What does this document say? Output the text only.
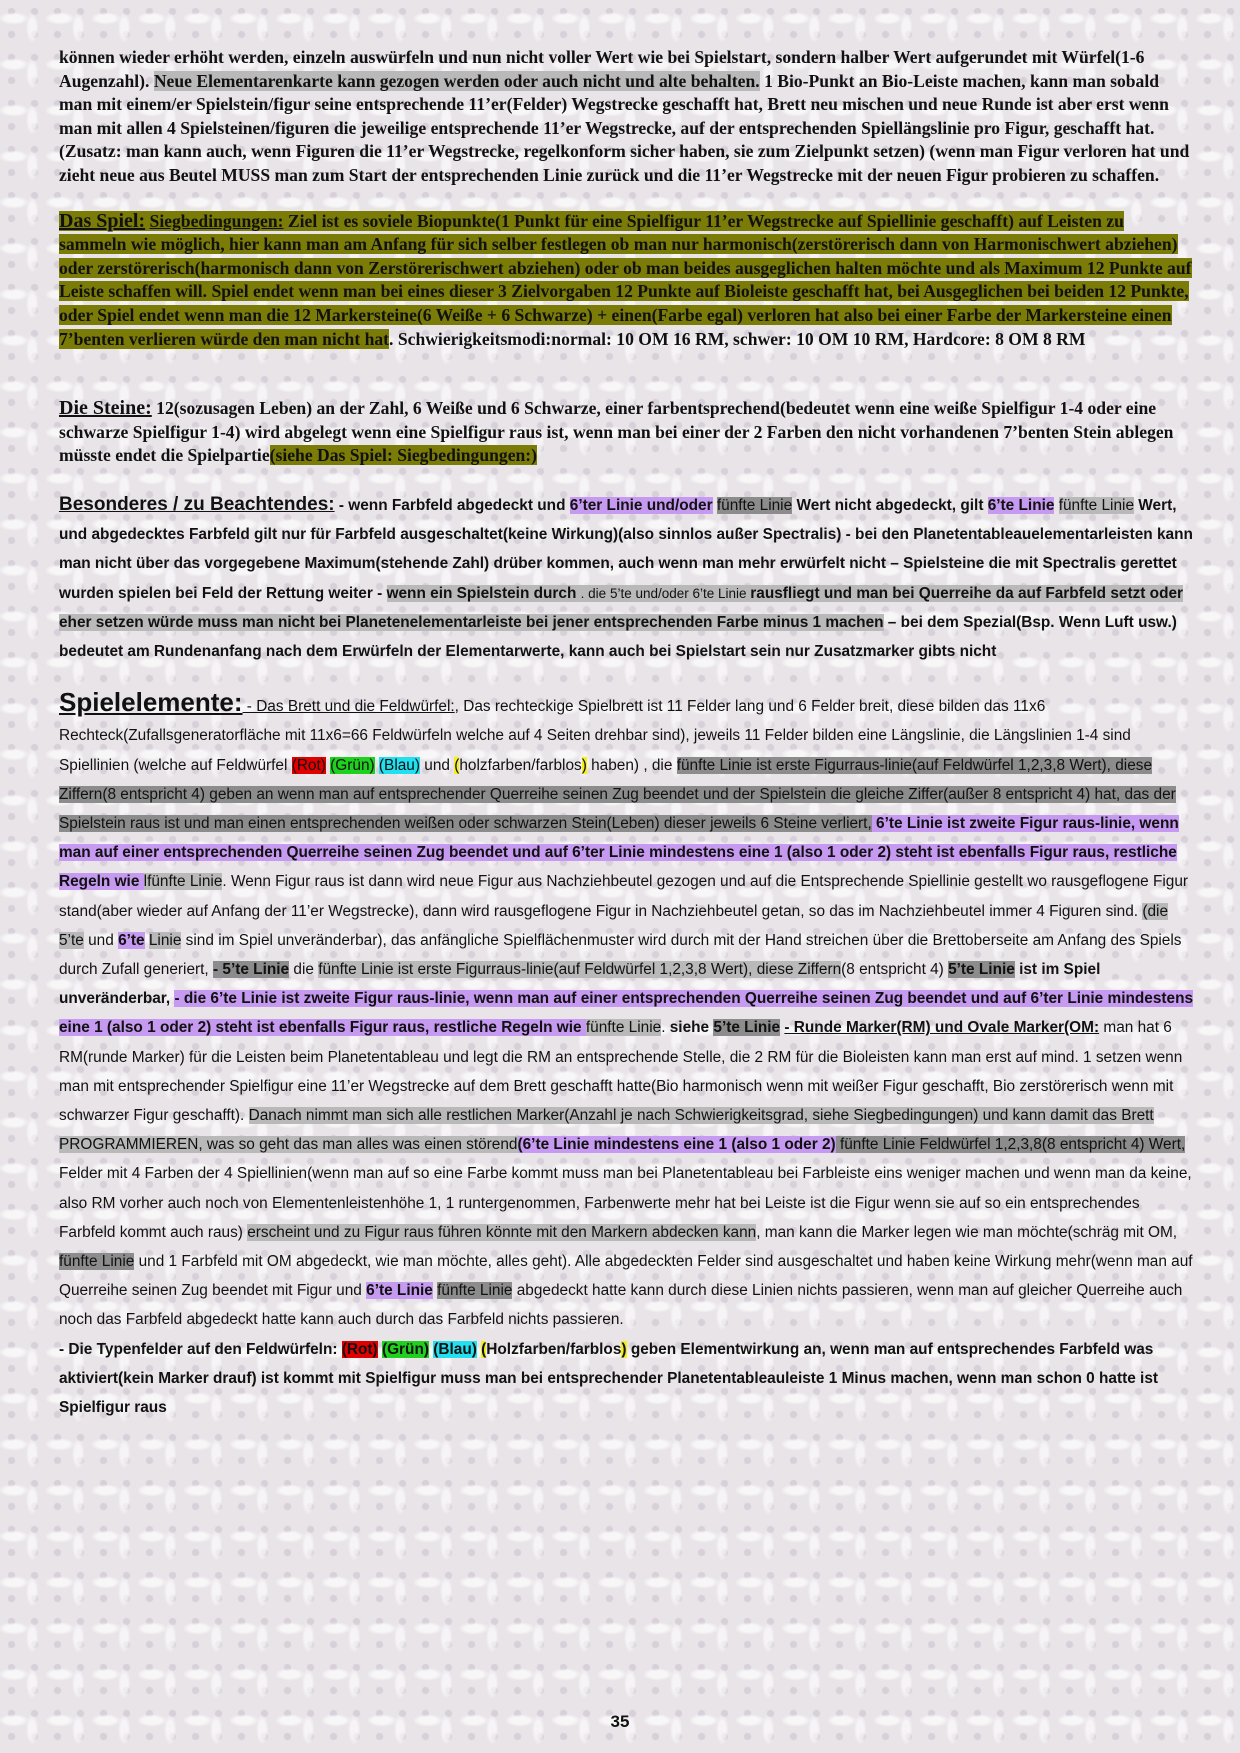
können wieder erhöht werden, einzeln auswürfeln und nun nicht voller Wert wie bei Spielstart, sondern halber Wert aufgerundet mit Würfel(1-6 Augenzahl). Neue Elementarenkarte kann gezogen werden oder auch nicht und alte behalten. 1 Bio-Punkt an Bio-Leiste machen, kann man sobald man mit einem/er Spielstein/figur seine entsprechende 11’er(Felder) Wegstrecke geschafft hat, Brett neu mischen und neue Runde ist aber erst wenn man mit allen 4 Spielsteinen/figuren die jeweilige entsprechende 11’er Wegstrecke, auf der entsprechenden Spiellängslinie pro Figur, geschafft hat.(Zusatz: man kann auch, wenn Figuren die 11’er Wegstrecke, regelkonform sicher haben, sie zum Zielpunkt setzen) (wenn man Figur verloren hat und zieht neue aus Beutel MUSS man zum Start der entsprechenden Linie zurück und die 11’er Wegstrecke mit der neuen Figur probieren zu schaffen.

Das Spiel: Siegbedingungen: Ziel ist es soviele Biopunkte(1 Punkt für eine Spielfigur 11’er Wegstrecke auf Spiellinie geschafft) auf Leisten zu sammeln wie möglich, hier kann man am Anfang für sich selber festlegen ob man nur harmonisch(zerstörerisch dann von Harmonischwert abziehen) oder zerstörerisch(harmonisch dann von Zerstörerischwert abziehen) oder ob man beides ausgeglichen halten möchte und als Maximum 12 Punkte auf Leiste schaffen will. Spiel endet wenn man bei eines dieser 3 Zielvorgaben 12 Punkte auf Bioleiste geschafft hat, bei Ausgeglichen bei beiden 12 Punkte, oder Spiel endet wenn man die 12 Markersteine(6 Weiße + 6 Schwarze) + einen(Farbe egal) verloren hat also bei einer Farbe der Markersteine einen 7’benten verlieren würde den man nicht hat. Schwierigkeitsmodi:normal: 10 OM 16 RM, schwer: 10 OM 10 RM, Hardcore: 8 OM 8 RM

Die Steine: 12(sozusagen Leben) an der Zahl, 6 Weiße und 6 Schwarze, einer farbentsprechend(bedeutet wenn eine weiße Spielfigur 1-4 oder eine schwarze Spielfigur 1-4) wird abgelegt wenn eine Spielfigur raus ist, wenn man bei einer der 2 Farben den nicht vorhandenen 7’benten Stein ablegen müsste endet die Spielpartie(siehe Das Spiel: Siegbedingungen:)

Besonderes / zu Beachtendes: - wenn Farbfeld abgedeckt und 6’ter Linie und/oder fünfte Linie Wert nicht abgedeckt, gilt 6’te Linie fünfte Linie Wert, und abgedecktes Farbfeld gilt nur für Farbfeld ausgeschaltet(keine Wirkung)(also sinnlos außer Spectralis) - bei den Planetentableauelementarleisten kann man nicht über das vorgegebene Maximum(stehende Zahl) drüber kommen, auch wenn man mehr erwürfelt nicht – Spielsteine die mit Spectralis gerettet wurden spielen bei Feld der Rettung weiter - wenn ein Spielstein durch . die 5’te und/oder 6’te Linie rausfliegt und man bei Querreihe da auf Farbfeld setzt oder eher setzen würde muss man nicht bei Planetenelementarleiste bei jener entsprechenden Farbe minus 1 machen – bei dem Spezial(Bsp. Wenn Luft usw.) bedeutet am Rundenanfang nach dem Erwürfeln der Elementarwerte, kann auch bei Spielstart sein nur Zusatzmarker gibts nicht

Spielelemente: - Das Brett und die Feldwürfel:, Das rechteckige Spielbrett ist 11 Felder lang und 6 Felder breit, diese bilden das 11x6 Rechteck(Zufallsgeneratorfläche mit 11x6=66 Feldwürfeln welche auf 4 Seiten drehbar sind), jeweils 11 Felder bilden eine Längslinie, die Längslinien 1-4 sind Spiellinien (welche auf Feldwürfel (Rot) (Grün) (Blau) und (holzfarben/farblos) haben) , die fünfte Linie ist erste Figurraus-linie(auf Feldwürfel 1,2,3,8 Wert), diese Ziffern(8 entspricht 4) geben an wenn man auf entsprechender Querreihe seinen Zug beendet und der Spielstein die gleiche Ziffer(außer 8 entspricht 4) hat, das der Spielstein raus ist und man einen entsprechenden weißen oder schwarzen Stein(Leben) dieser jeweils 6 Steine verliert, 6’te Linie ist zweite Figur raus-linie, wenn man auf einer entsprechenden Querreihe seinen Zug beendet und auf 6’ter Linie mindestens eine 1 (also 1 oder 2) steht ist ebenfalls Figur raus, restliche Regeln wie lfünfte Linie. Wenn Figur raus ist dann wird neue Figur aus Nachziehbeutel gezogen und auf die Entsprechende Spiellinie gestellt wo rausgeflogene Figur stand(aber wieder auf Anfang der 11’er Wegstrecke), dann wird rausgeflogene Figur in Nachziehbeutel getan, so das im Nachziehbeutel immer 4 Figuren sind. (die 5’te und 6’te Linie sind im Spiel unveränderbar), das anfängliche Spielflächenmuster wird durch mit der Hand streichen über die Brettoberseite am Anfang des Spiels durch Zufall generiert, - 5’te Linie die fünfte Linie ist erste Figurraus-linie(auf Feldwürfel 1,2,3,8 Wert), diese Ziffern(8 entspricht 4) 5’te Linie ist im Spiel unveränderbar, - die 6’te Linie ist zweite Figur raus-linie, wenn man auf einer entsprechenden Querreihe seinen Zug beendet und auf 6’ter Linie mindestens eine 1 (also 1 oder 2) steht ist ebenfalls Figur raus, restliche Regeln wie fünfte Linie. siehe 5’te Linie - Runde Marker(RM) und Ovale Marker(OM: man hat 6 RM(runde Marker) für die Leisten beim Planetentableau und legt die RM an entsprechende Stelle, die 2 RM für die Bioleisten kann man erst auf mind. 1 setzen wenn man mit entsprechender Spielfigur eine 11’er Wegstrecke auf dem Brett geschafft hatte(Bio harmonisch wenn mit weißer Figur geschafft, Bio zerstörerisch wenn mit schwarzer Figur geschafft). Danach nimmt man sich alle restlichen Marker(Anzahl je nach Schwierigkeitsgrad, siehe Siegbedingungen) und kann damit das Brett PROGRAMMIEREN, was so geht das man alles was einen störend(6’te Linie mindestens eine 1 (also 1 oder 2) fünfte Linie Feldwürfel 1,2,3,8(8 entspricht 4) Wert, Felder mit 4 Farben der 4 Spiellinien(wenn man auf so eine Farbe kommt muss man bei Planetentableau bei Farbleiste eins weniger machen und wenn man da keine, also RM vorher auch noch von Elementenleistenhöhe 1, 1 runtergenommen, Farbenwerte mehr hat bei Leiste ist die Figur wenn sie auf so ein entsprechendes Farbfeld kommt auch raus) erscheint und zu Figur raus führen könnte mit den Markern abdecken kann, man kann die Marker legen wie man möchte(schräg mit OM, fünfte Linie und 1 Farbfeld mit OM abgedeckt, wie man möchte, alles geht). Alle abgedeckten Felder sind ausgeschaltet und haben keine Wirkung mehr(wenn man auf Querreihe seinen Zug beendet mit Figur und 6’te Linie fünfte Linie abgedeckt hatte kann durch diese Linien nichts passieren, wenn man auf gleicher Querreihe auch noch das Farbfeld abgedeckt hatte kann auch durch das Farbfeld nichts passieren.

- Die Typenfelder auf den Feldwürfeln: (Rot) (Grün) (Blau) (Holzfarben/farblos) geben Elementwirkung an, wenn man auf entsprechendes Farbfeld was aktiviert(kein Marker drauf) ist kommt mit Spielfigur muss man bei entsprechender Planetentableauleiste 1 Minus machen, wenn man schon 0 hatte ist Spielfigur raus

35
